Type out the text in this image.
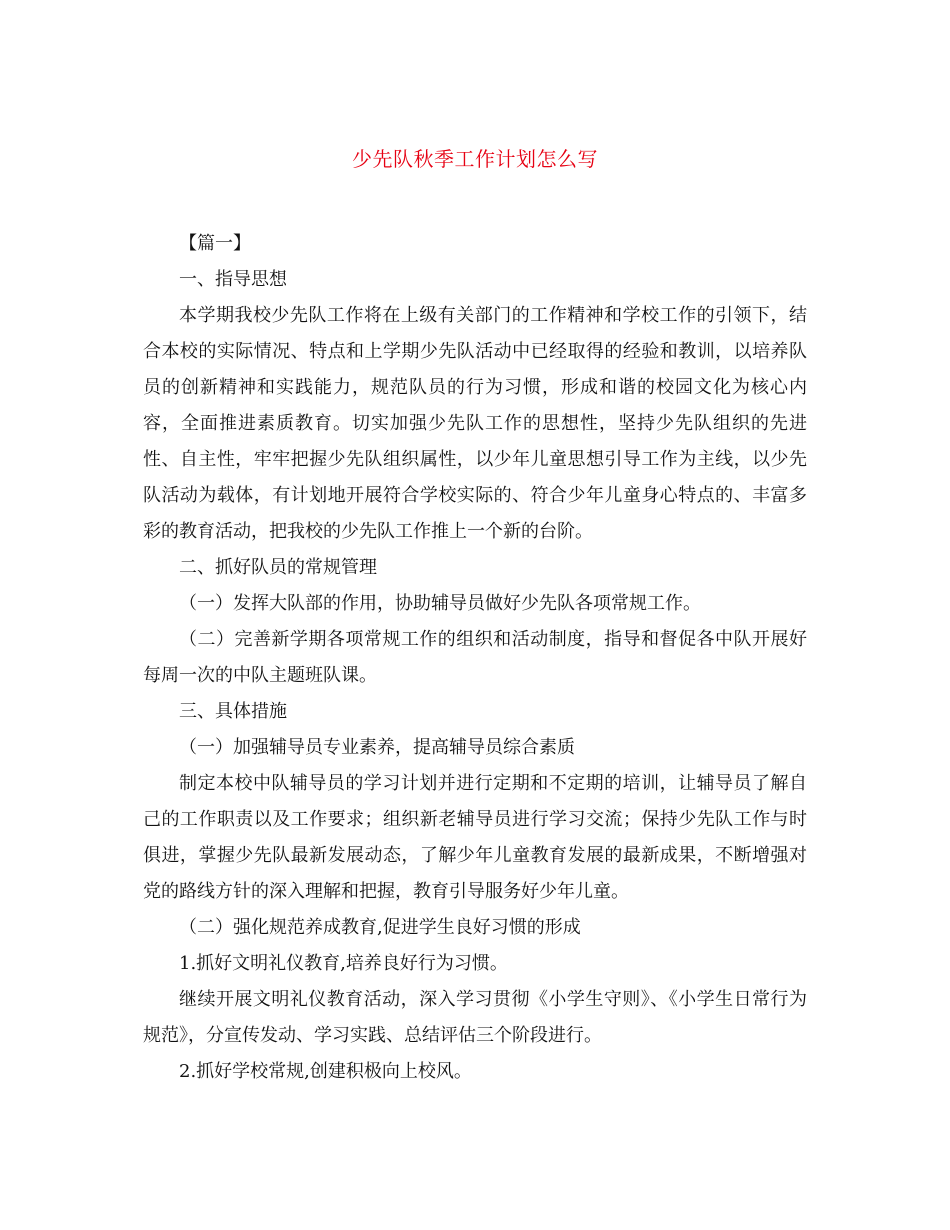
少先队秋季工作计划怎么写

【篇一】

一、指导思想

本学期我校少先队工作将在上级有关部门的工作精神和学校工作的引领下，结合本校的实际情况、特点和上学期少先队活动中已经取得的经验和教训，以培养队员的创新精神和实践能力，规范队员的行为习惯，形成和谐的校园文化为核心内容，全面推进素质教育。切实加强少先队工作的思想性，坚持少先队组织的先进性、自主性，牢牢把握少先队组织属性，以少年儿童思想引导工作为主线，以少先队活动为载体，有计划地开展符合学校实际的、符合少年儿童身心特点的、丰富多彩的教育活动，把我校的少先队工作推上一个新的台阶。

二、抓好队员的常规管理

（一）发挥大队部的作用，协助辅导员做好少先队各项常规工作。

（二）完善新学期各项常规工作的组织和活动制度，指导和督促各中队开展好每周一次的中队主题班队课。

三、具体措施

（一）加强辅导员专业素养，提高辅导员综合素质

制定本校中队辅导员的学习计划并进行定期和不定期的培训，让辅导员了解自己的工作职责以及工作要求；组织新老辅导员进行学习交流；保持少先队工作与时俱进，掌握少先队最新发展动态，了解少年儿童教育发展的最新成果，不断增强对党的路线方针的深入理解和把握，教育引导服务好少年儿童。

（二）强化规范养成教育,促进学生良好习惯的形成

1.抓好文明礼仪教育,培养良好行为习惯。

继续开展文明礼仪教育活动，深入学习贯彻《小学生守则》、《小学生日常行为规范》，分宣传发动、学习实践、总结评估三个阶段进行。

2.抓好学校常规,创建积极向上校风。
